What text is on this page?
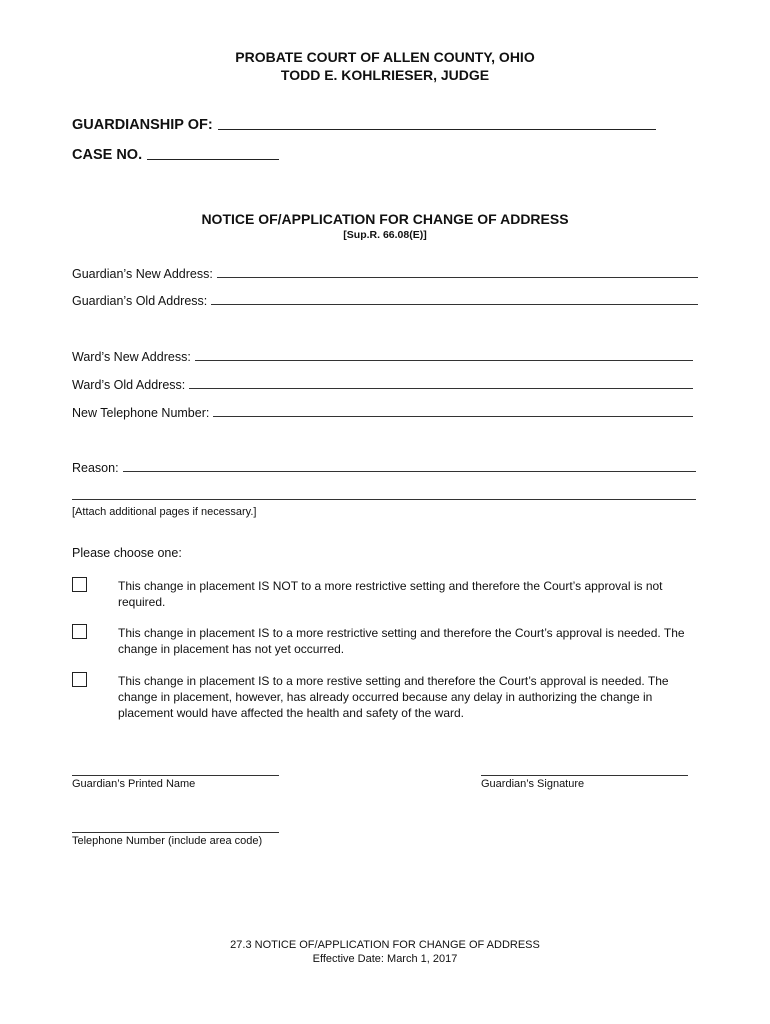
PROBATE COURT OF ALLEN COUNTY, OHIO
TODD E. KOHLRIESER, JUDGE
GUARDIANSHIP OF:
CASE NO.
NOTICE OF/APPLICATION FOR CHANGE OF ADDRESS
[Sup.R. 66.08(E)]
Guardian’s New Address:
Guardian’s Old Address:
Ward’s New Address:
Ward’s Old Address:
New Telephone Number:
Reason:
[Attach additional pages if necessary.]
Please choose one:
This change in placement IS NOT to a more restrictive setting and therefore the Court’s approval is not required.
This change in placement IS to a more restrictive setting and therefore the Court’s approval is needed. The change in placement has not yet occurred.
This change in placement IS to a more restive setting and therefore the Court’s approval is needed. The change in placement, however, has already occurred because any delay in authorizing the change in placement would have affected the health and safety of the ward.
Guardian’s Printed Name	Guardian’s Signature
Telephone Number (include area code)
27.3 NOTICE OF/APPLICATION FOR CHANGE OF ADDRESS
Effective Date: March 1, 2017
